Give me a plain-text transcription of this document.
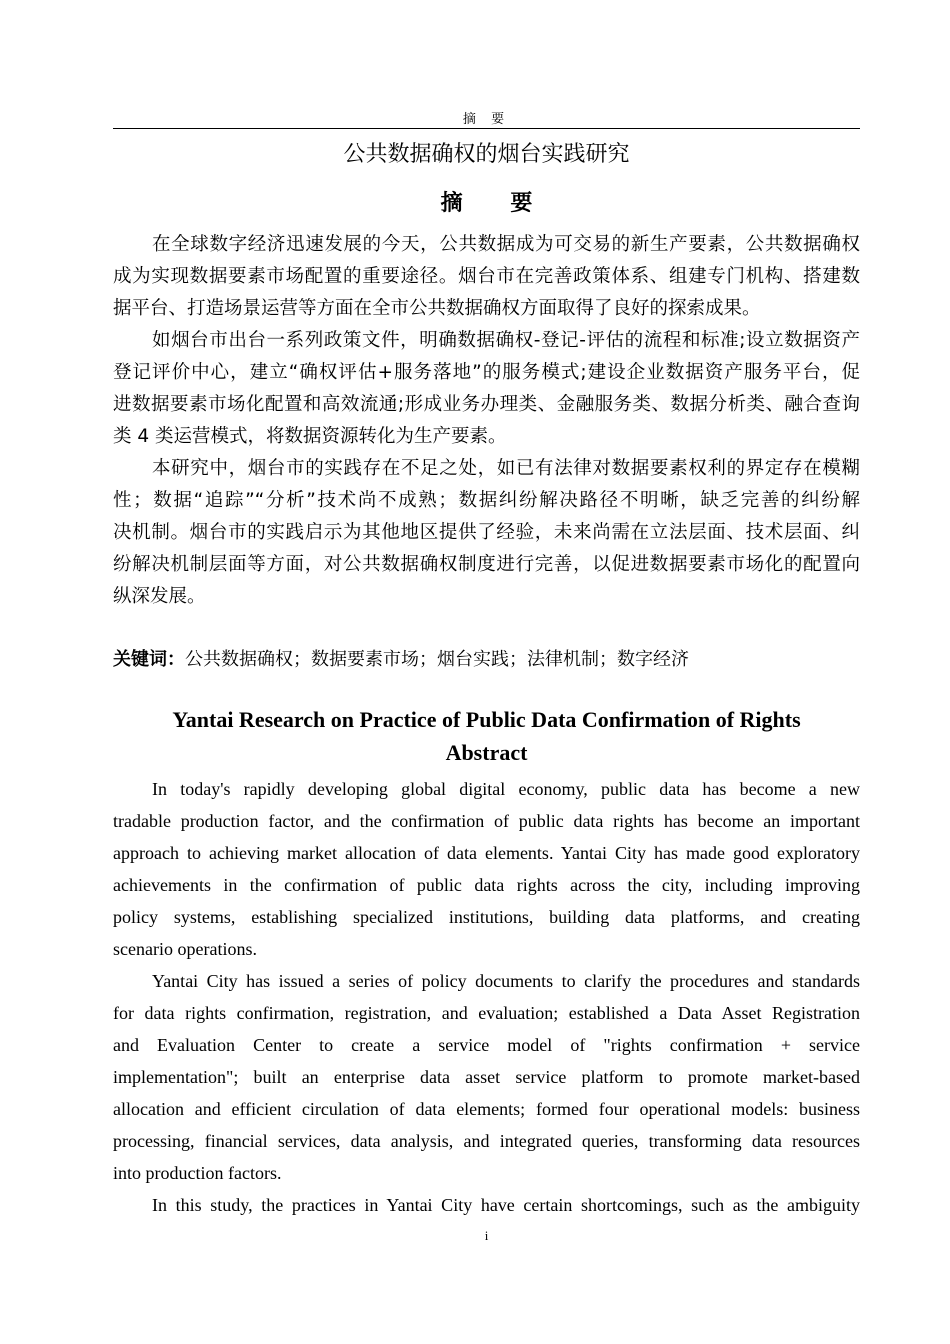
摘 要
公共数据确权的烟台实践研究
摘 要
在全球数字经济迅速发展的今天，公共数据成为可交易的新生产要素，公共数据确权
成为实现数据要素市场配置的重要途径。烟台市在完善政策体系、组建专门机构、搭建数
据平台、打造场景运营等方面在全市公共数据确权方面取得了良好的探索成果。
如烟台市出台一系列政策文件，明确数据确权-登记-评估的流程和标准;设立数据资产
登记评价中心，建立“确权评估+服务落地”的服务模式;建设企业数据资产服务平台，促
进数据要素市场化配置和高效流通;形成业务办理类、金融服务类、数据分析类、融合查询
类 4 类运营模式，将数据资源转化为生产要素。
本研究中，烟台市的实践存在不足之处，如已有法律对数据要素权利的界定存在模糊
性；数据“追踪”“分析”技术尚不成熟；数据纠纷解决路径不明晰，缺乏完善的纠纷解
决机制。烟台市的实践启示为其他地区提供了经验，未来尚需在立法层面、技术层面、纠
纷解决机制层面等方面，对公共数据确权制度进行完善，以促进数据要素市场化的配置向
纵深发展。
关键词：公共数据确权；数据要素市场；烟台实践；法律机制；数字经济
Yantai Research on Practice of Public Data Confirmation of Rights
Abstract
In today's rapidly developing global digital economy, public data has become a new
tradable production factor, and the confirmation of public data rights has become an important
approach to achieving market allocation of data elements. Yantai City has made good exploratory
achievements in the confirmation of public data rights across the city, including improving
policy systems, establishing specialized institutions, building data platforms, and creating
scenario operations.
Yantai City has issued a series of policy documents to clarify the procedures and standards
for data rights confirmation, registration, and evaluation; established a Data Asset Registration
and Evaluation Center to create a service model of "rights confirmation + service
implementation"; built an enterprise data asset service platform to promote market-based
allocation and efficient circulation of data elements; formed four operational models: business
processing, financial services, data analysis, and integrated queries, transforming data resources
into production factors.
In this study, the practices in Yantai City have certain shortcomings, such as the ambiguity
i
